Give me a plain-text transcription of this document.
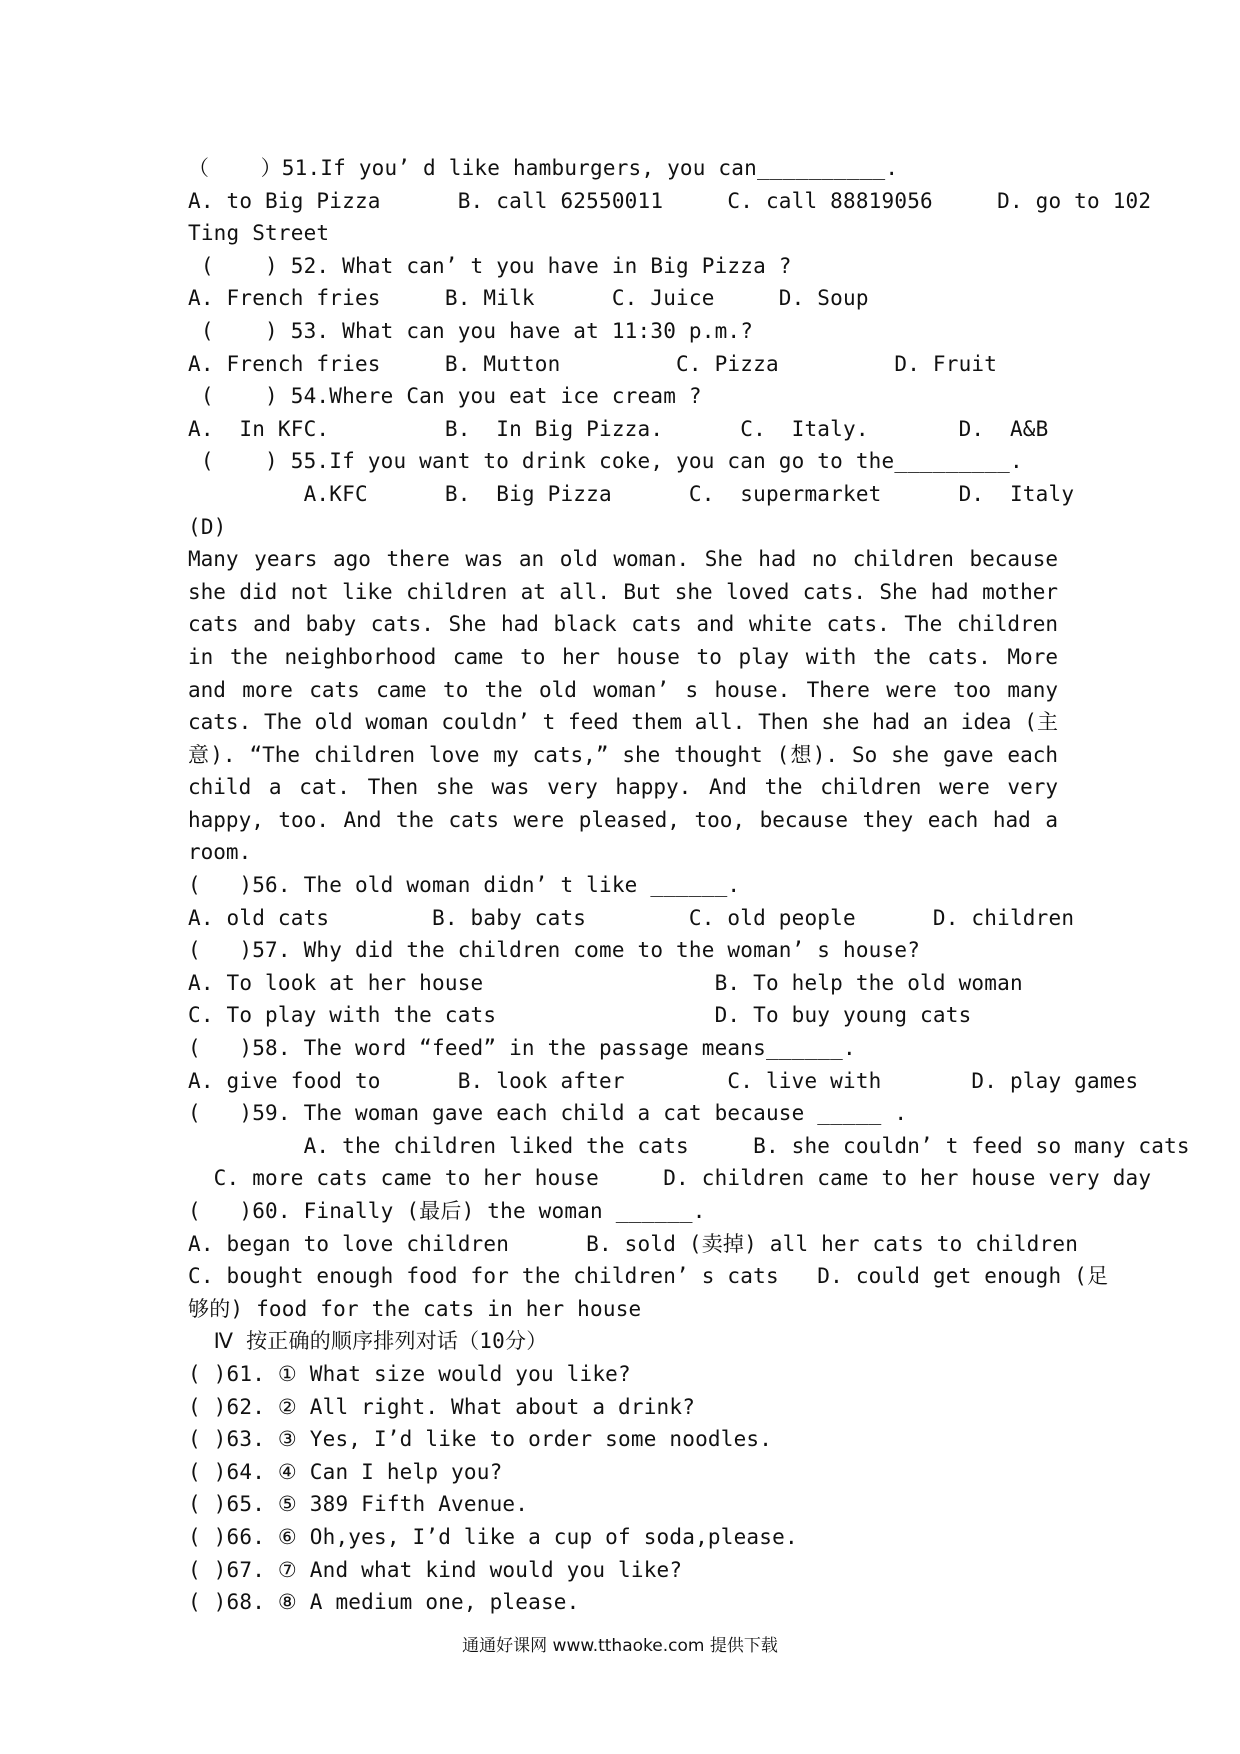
（    ）51.If you’ d like hamburgers, you can__________.

A. to Big Pizza      B. call 62550011     C. call 88819056     D. go to 102

Ting Street

(    ) 52. What can’ t you have in Big Pizza ?

A. French fries     B. Milk      C. Juice     D. Soup

(    ) 53. What can you have at 11:30 p.m.?

A. French fries     B. Mutton         C. Pizza         D. Fruit

(    ) 54.Where Can you eat ice cream ?

A.  In KFC.         B.  In Big Pizza.      C.  Italy.       D.  A&B

(    ) 55.If you want to drink coke, you can go to the_________.

A.KFC      B.  Big Pizza      C.  supermarket      D.  Italy

(D)

Many years ago there was an old woman. She had no children because she did not like children at all. But she loved cats. She had mother cats and baby cats. She had black cats and white cats. The children in the neighborhood came to her house to play with the cats. More and more cats came to the old woman’ s house. There were too many cats. The old woman couldn’ t feed them all. Then she had an idea (主意). “The children love my cats,” she thought (想). So she gave each child a cat. Then she was very happy. And the children were very happy, too. And the cats were pleased, too, because they each had a room.

(   )56. The old woman didn’ t like ______.

A. old cats        B. baby cats        C. old people      D. children

(   )57. Why did the children come to the woman’ s house?

A. To look at her house                  B. To help the old woman

C. To play with the cats                 D. To buy young cats

(   )58. The word “feed” in the passage means______.

A. give food to      B. look after        C. live with       D. play games

(   )59. The woman gave each child a cat because _____ .

A. the children liked the cats     B. she couldn’ t feed so many cats

C. more cats came to her house     D. children came to her house very day

(   )60. Finally (最后) the woman ______.

A. began to love children      B. sold (卖掉) all her cats to children

C. bought enough food for the children’ s cats   D. could get enough (足

够的) food for the cats in her house

Ⅳ 按正确的顺序排列对话（10分）

( )61. ① What size would you like?

( )62. ② All right. What about a drink?

( )63. ③ Yes, I’d like to order some noodles.

( )64. ④ Can I help you?

( )65. ⑤ 389 Fifth Avenue.

( )66. ⑥ Oh,yes, I’d like a cup of soda,please.

( )67. ⑦ And what kind would you like?

( )68. ⑧ A medium one, please.

通通好课网 www.tthaoke.com 提供下载
